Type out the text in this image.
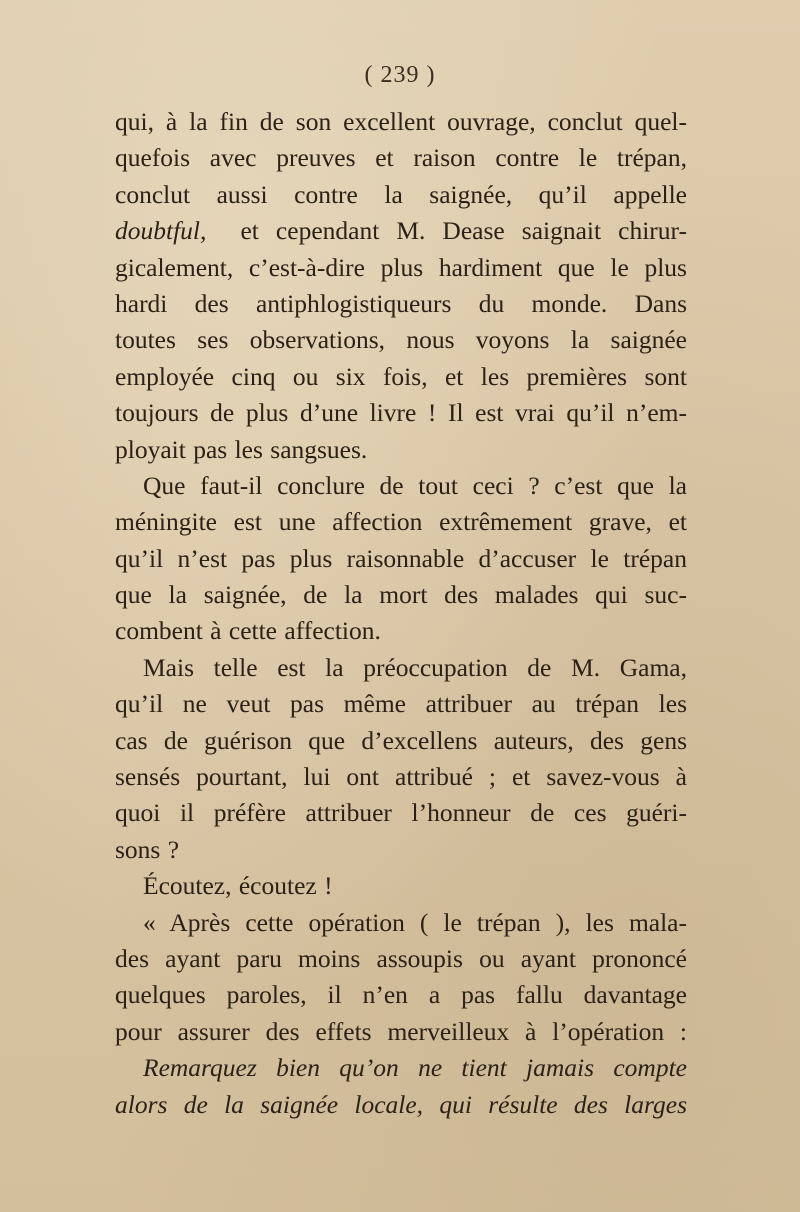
( 239 )
qui, à la fin de son excellent ouvrage, conclut quel-
quefois avec preuves et raison contre le trépan,
conclut aussi contre la saignée, qu’il appelle
doubtful, et cependant M. Dease saignait chirur-
gicalement, c’est-à-dire plus hardiment que le plus
hardi des antiphlogistiqueurs du monde. Dans
toutes ses observations, nous voyons la saignée
employée cinq ou six fois, et les premières sont
toujours de plus d’une livre ! Il est vrai qu’il n’em-
ployait pas les sangsues.
Que faut-il conclure de tout ceci ? c’est que la
méningite est une affection extrêmement grave, et
qu’il n’est pas plus raisonnable d’accuser le trépan
que la saignée, de la mort des malades qui suc-
combent à cette affection.
Mais telle est la préoccupation de M. Gama,
qu’il ne veut pas même attribuer au trépan les
cas de guérison que d’excellens auteurs, des gens
sensés pourtant, lui ont attribué ; et savez-vous à
quoi il préfère attribuer l’honneur de ces guéri-
sons ?
Écoutez, écoutez !
« Après cette opération ( le trépan ), les mala-
des ayant paru moins assoupis ou ayant prononcé
quelques paroles, il n’en a pas fallu davantage
pour assurer des effets merveilleux à l’opération :
Remarquez bien qu’on ne tient jamais compte
alors de la saignée locale, qui résulte des larges
